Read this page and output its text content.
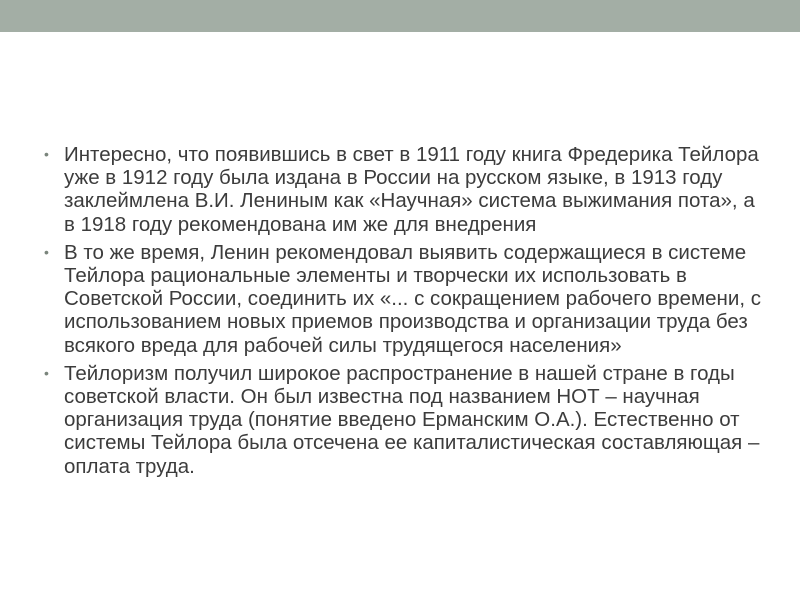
• Интересно, что появившись в свет в 1911 году книга Фредерика Тейлора уже в 1912 году была издана в России на русском языке, в 1913 году заклеймлена В.И. Лениным как «Научная» система выжимания пота», а в 1918 году рекомендована им же для внедрения
• В то же время, Ленин рекомендовал выявить содержащиеся в системе Тейлора рациональные элементы и творчески их использовать в Советской России, соединить их «... с сокращением рабочего времени, с использованием новых приемов производства и организации труда без всякого вреда для рабочей силы трудящегося населения»
• Тейлоризм получил широкое распространение в нашей стране в годы советской власти. Он был известна под названием НОТ – научная организация труда (понятие введено Ерманским О.А.). Естественно от системы Тейлора была отсечена ее капиталистическая составляющая – оплата труда.
